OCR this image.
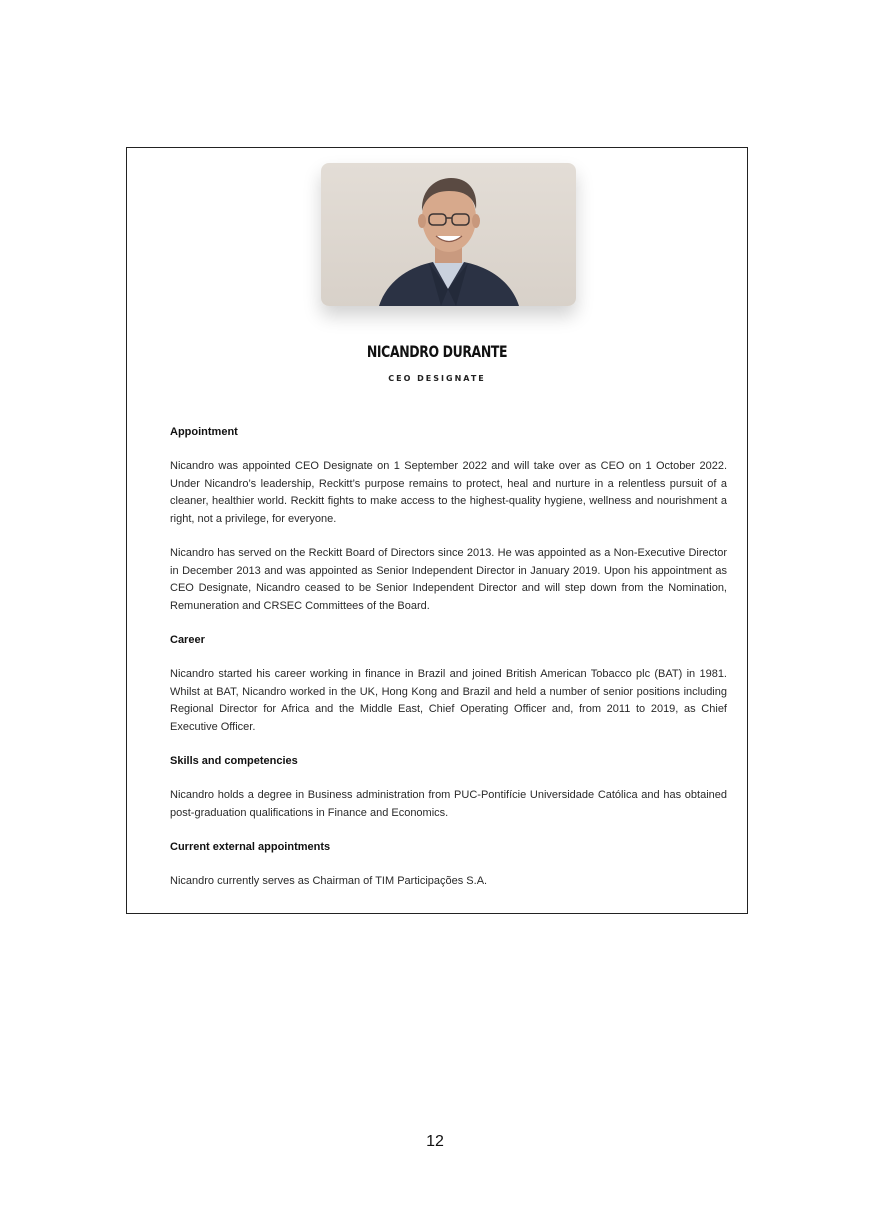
NICANDRO DURANTE
CEO DESIGNATE
Appointment

Nicandro was appointed CEO Designate on 1 September 2022 and will take over as CEO on 1 October 2022. Under Nicandro’s leadership, Reckitt’s purpose remains to protect, heal and nurture in a relentless pursuit of a cleaner, healthier world. Reckitt fights to make access to the highest-quality hygiene, wellness and nourishment a right, not a privilege, for everyone.

Nicandro has served on the Reckitt Board of Directors since 2013. He was appointed as a Non-Executive Director in December 2013 and was appointed as Senior Independent Director in January 2019. Upon his appointment as CEO Designate, Nicandro ceased to be Senior Independent Director and will step down from the Nomination, Remuneration and CRSEC Committees of the Board.

Career

Nicandro started his career working in finance in Brazil and joined British American Tobacco plc (BAT) in 1981. Whilst at BAT, Nicandro worked in the UK, Hong Kong and Brazil and held a number of senior positions including Regional Director for Africa and the Middle East, Chief Operating Officer and, from 2011 to 2019, as Chief Executive Officer.

Skills and competencies

Nicandro holds a degree in Business administration from PUC-Pontifície Universidade Católica and has obtained post-graduation qualifications in Finance and Economics.

Current external appointments

Nicandro currently serves as Chairman of TIM Participações S.A.

12
